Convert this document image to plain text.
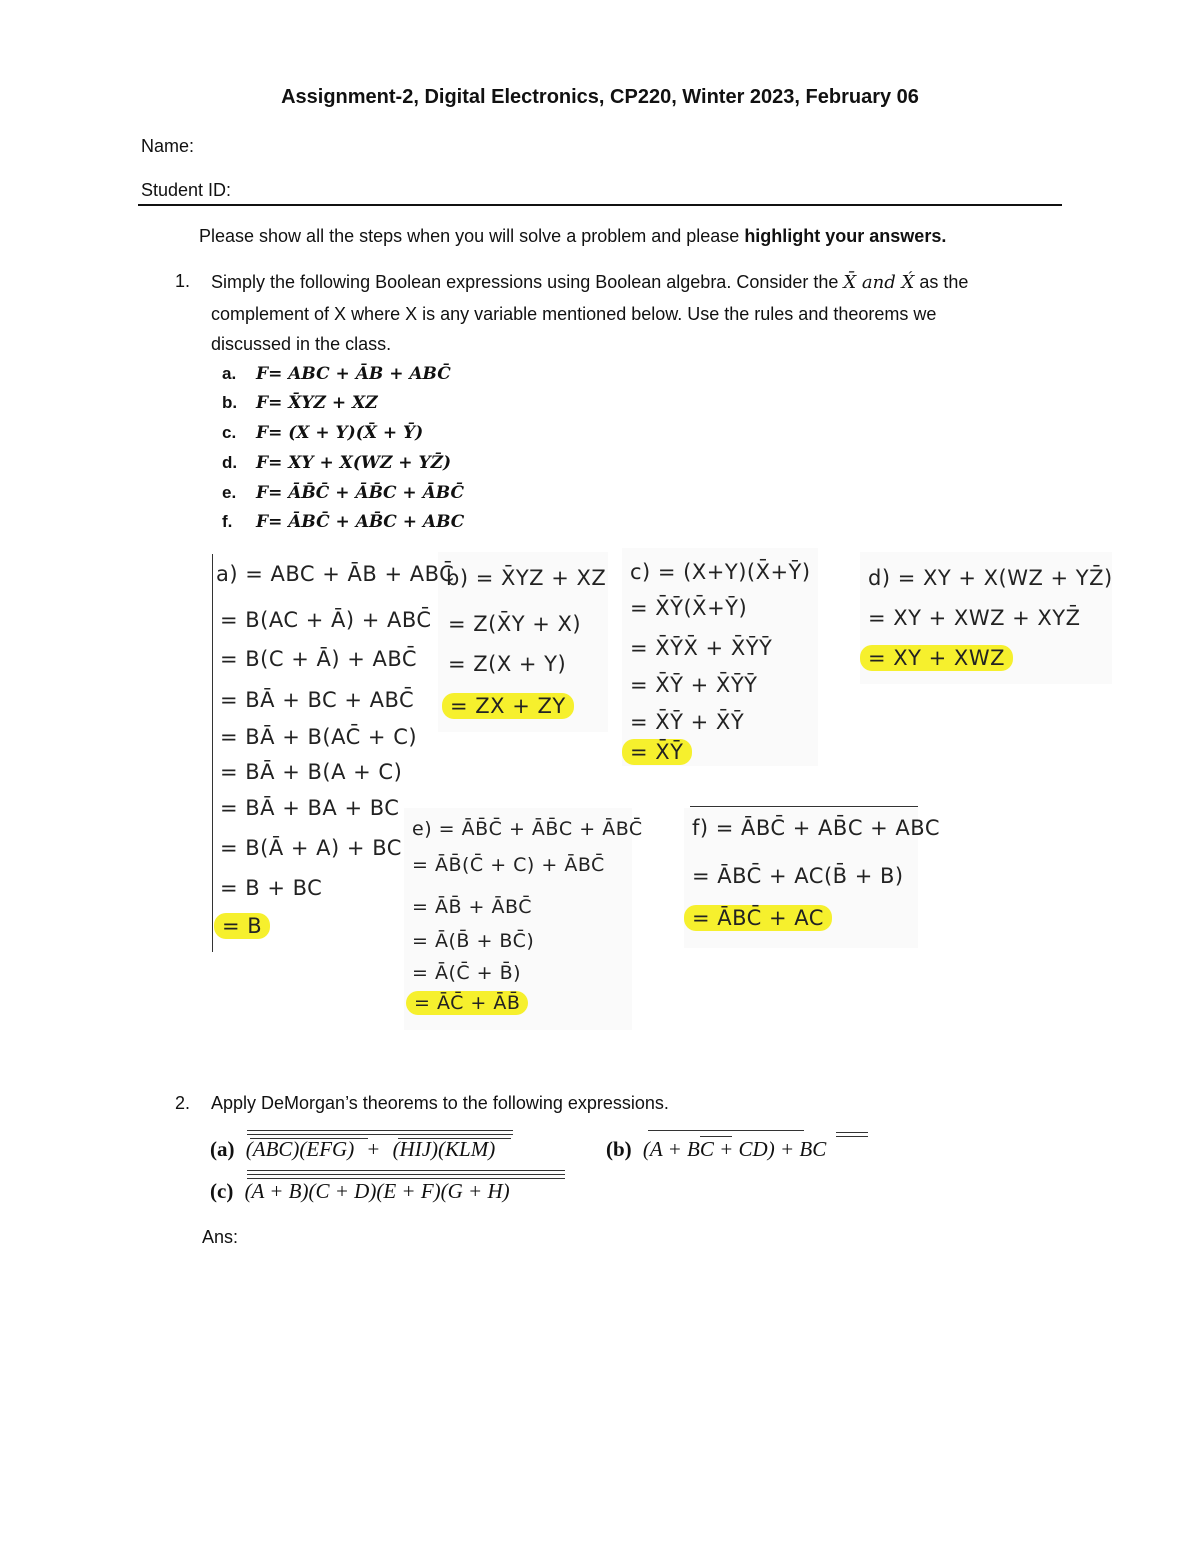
Assignment-2, Digital Electronics, CP220, Winter 2023, February 06
Name:
Student ID:
Please show all the steps when you will solve a problem and please highlight your answers.
1. Simply the following Boolean expressions using Boolean algebra. Consider the X̄ and X́ as the
complement of X where X is any variable mentioned below. Use the rules and theorems we
discussed in the class.
a. F= ABC + ĀB + ABC̄
b. F= X̄YZ + XZ
c. F= (X + Y)(X̄ + Ȳ)
d. F= XY + X(WZ + YZ̄)
e. F= ĀB̄C̄ + ĀB̄C + ĀBC̄
f. F= ĀBC̄ + AB̄C + ABC
a) = ABC + ĀB + ABC̄
= B(AC + Ā) + ABC̄
= B(C + Ā) + ABC̄
= BĀ + BC + ABC̄
= BĀ + B(AC̄ + C)
= BĀ + B(A + C)
= BĀ + BA + BC
= B(Ā + A) + BC
= B + BC
= B
b) = X̄YZ + XZ
= Z(X̄Y + X)
= Z(X + Y)
= ZX + ZY
c) = (X+Y)(X̄+Ȳ)
= X̄Ȳ(X̄+Ȳ)
= X̄ȲX̄ + X̄ȲȲ
= X̄Ȳ + X̄ȲȲ
= X̄Ȳ + X̄Ȳ
= X̄Ȳ
d) = XY + X(WZ + YZ̄)
= XY + XWZ + XYZ̄
= XY + XWZ
e) = ĀB̄C̄ + ĀB̄C + ĀBC̄
= ĀB̄(C̄ + C) + ĀBC̄
= ĀB̄ + ĀBC̄
= Ā(B̄ + BC̄)
= Ā(C̄ + B̄)
= ĀC̄ + ĀB̄
f) = ĀBC̄ + AB̄C + ABC
= ĀBC̄ + AC(B̄ + B)
= ĀBC̄ + AC
2. Apply DeMorgan’s theorems to the following expressions.
(a) (ABC)(EFG) + (HIJ)(KLM)	(b) (A + BC + CD) + BC
(c) (A + B)(C + D)(E + F)(G + H)
Ans:
